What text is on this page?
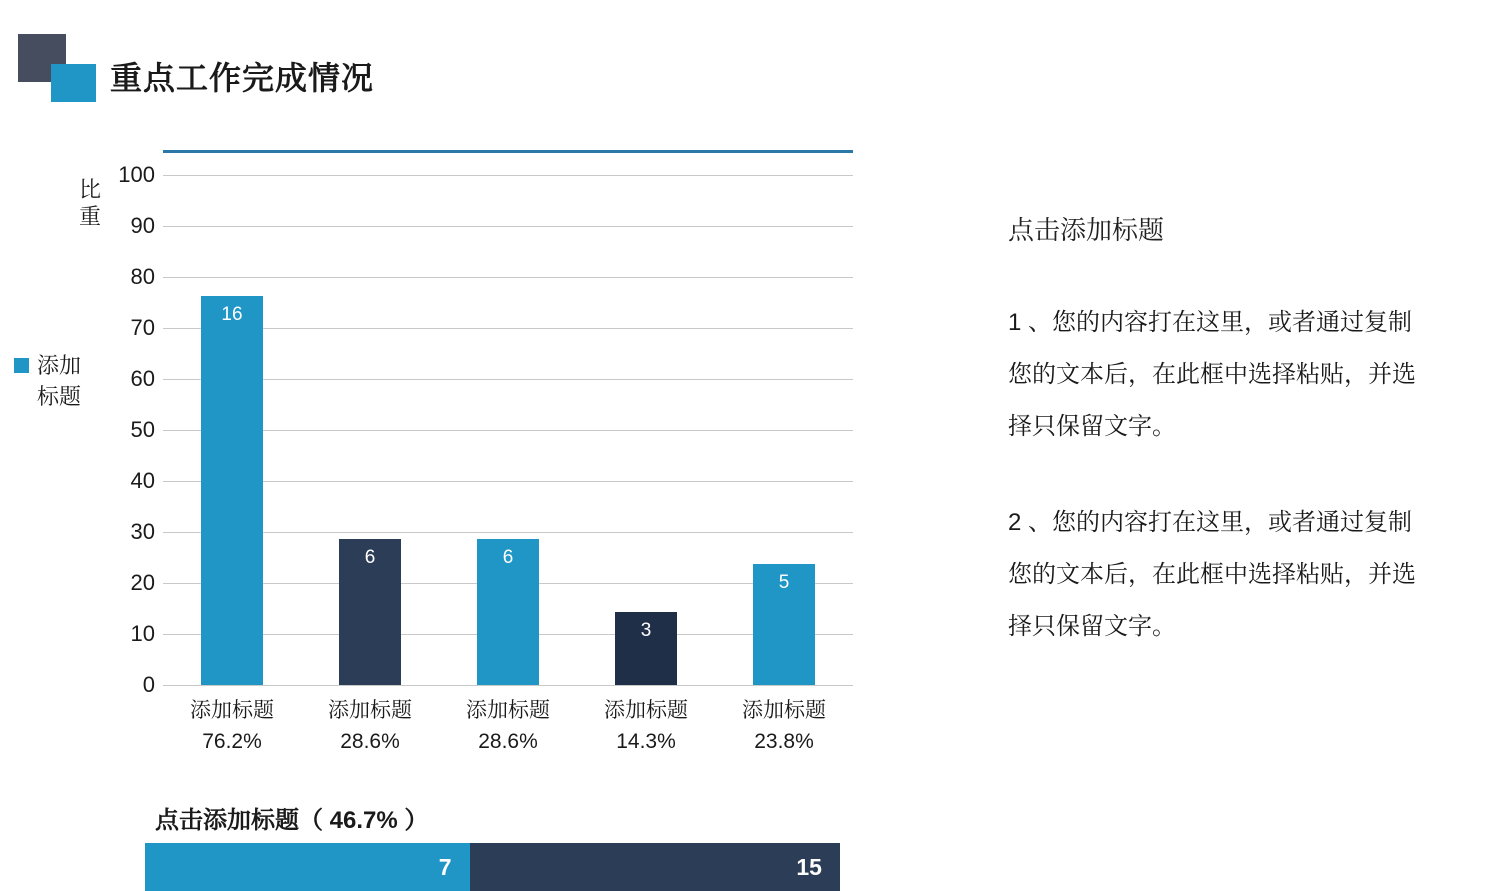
重点工作完成情况
比重
添加标题
0
10
20
30
40
50
60
70
80
90
100
16
6	6
3
5
添加标题
76.2%
添加标题
28.6%
添加标题
28.6%
添加标题
14.3%
添加标题
23.8%
点击添加标题（ 46.7% ）
7	15
点击添加标题
1 、您的内容打在这里，或者通过复制您的文本后，在此框中选择粘贴，并选择只保留文字。
2 、您的内容打在这里，或者通过复制您的文本后，在此框中选择粘贴，并选择只保留文字。
